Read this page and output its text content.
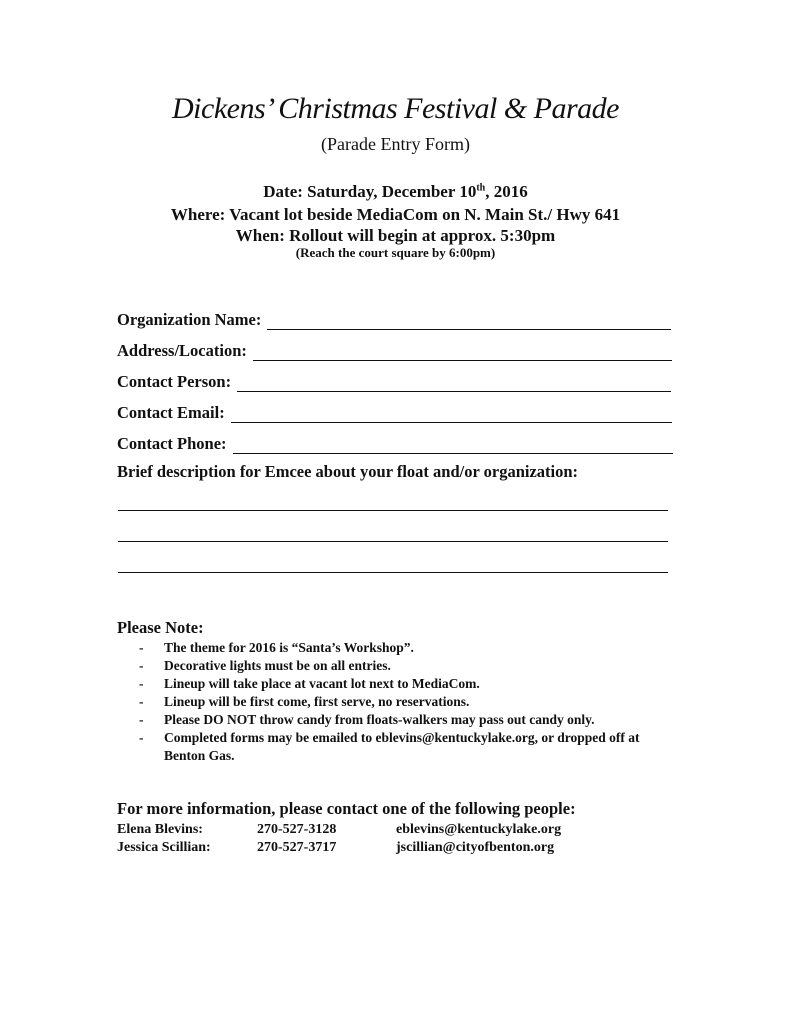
Dickens’ Christmas Festival & Parade
(Parade Entry Form)
Date: Saturday, December 10th, 2016
Where: Vacant lot beside MediaCom on N. Main St./ Hwy 641
When: Rollout will begin at approx. 5:30pm
(Reach the court square by 6:00pm)
Organization Name:
Address/Location:
Contact Person:
Contact Email:
Contact Phone:
Brief description for Emcee about your float and/or organization:
Please Note:
- The theme for 2016 is “Santa’s Workshop”.
- Decorative lights must be on all entries.
- Lineup will take place at vacant lot next to MediaCom.
- Lineup will be first come, first serve, no reservations.
- Please DO NOT throw candy from floats-walkers may pass out candy only.
- Completed forms may be emailed to eblevins@kentuckylake.org, or dropped off at Benton Gas.
For more information, please contact one of the following people:
Elena Blevins:	270-527-3128	eblevins@kentuckylake.org
Jessica Scillian:	270-527-3717	jscillian@cityofbenton.org
